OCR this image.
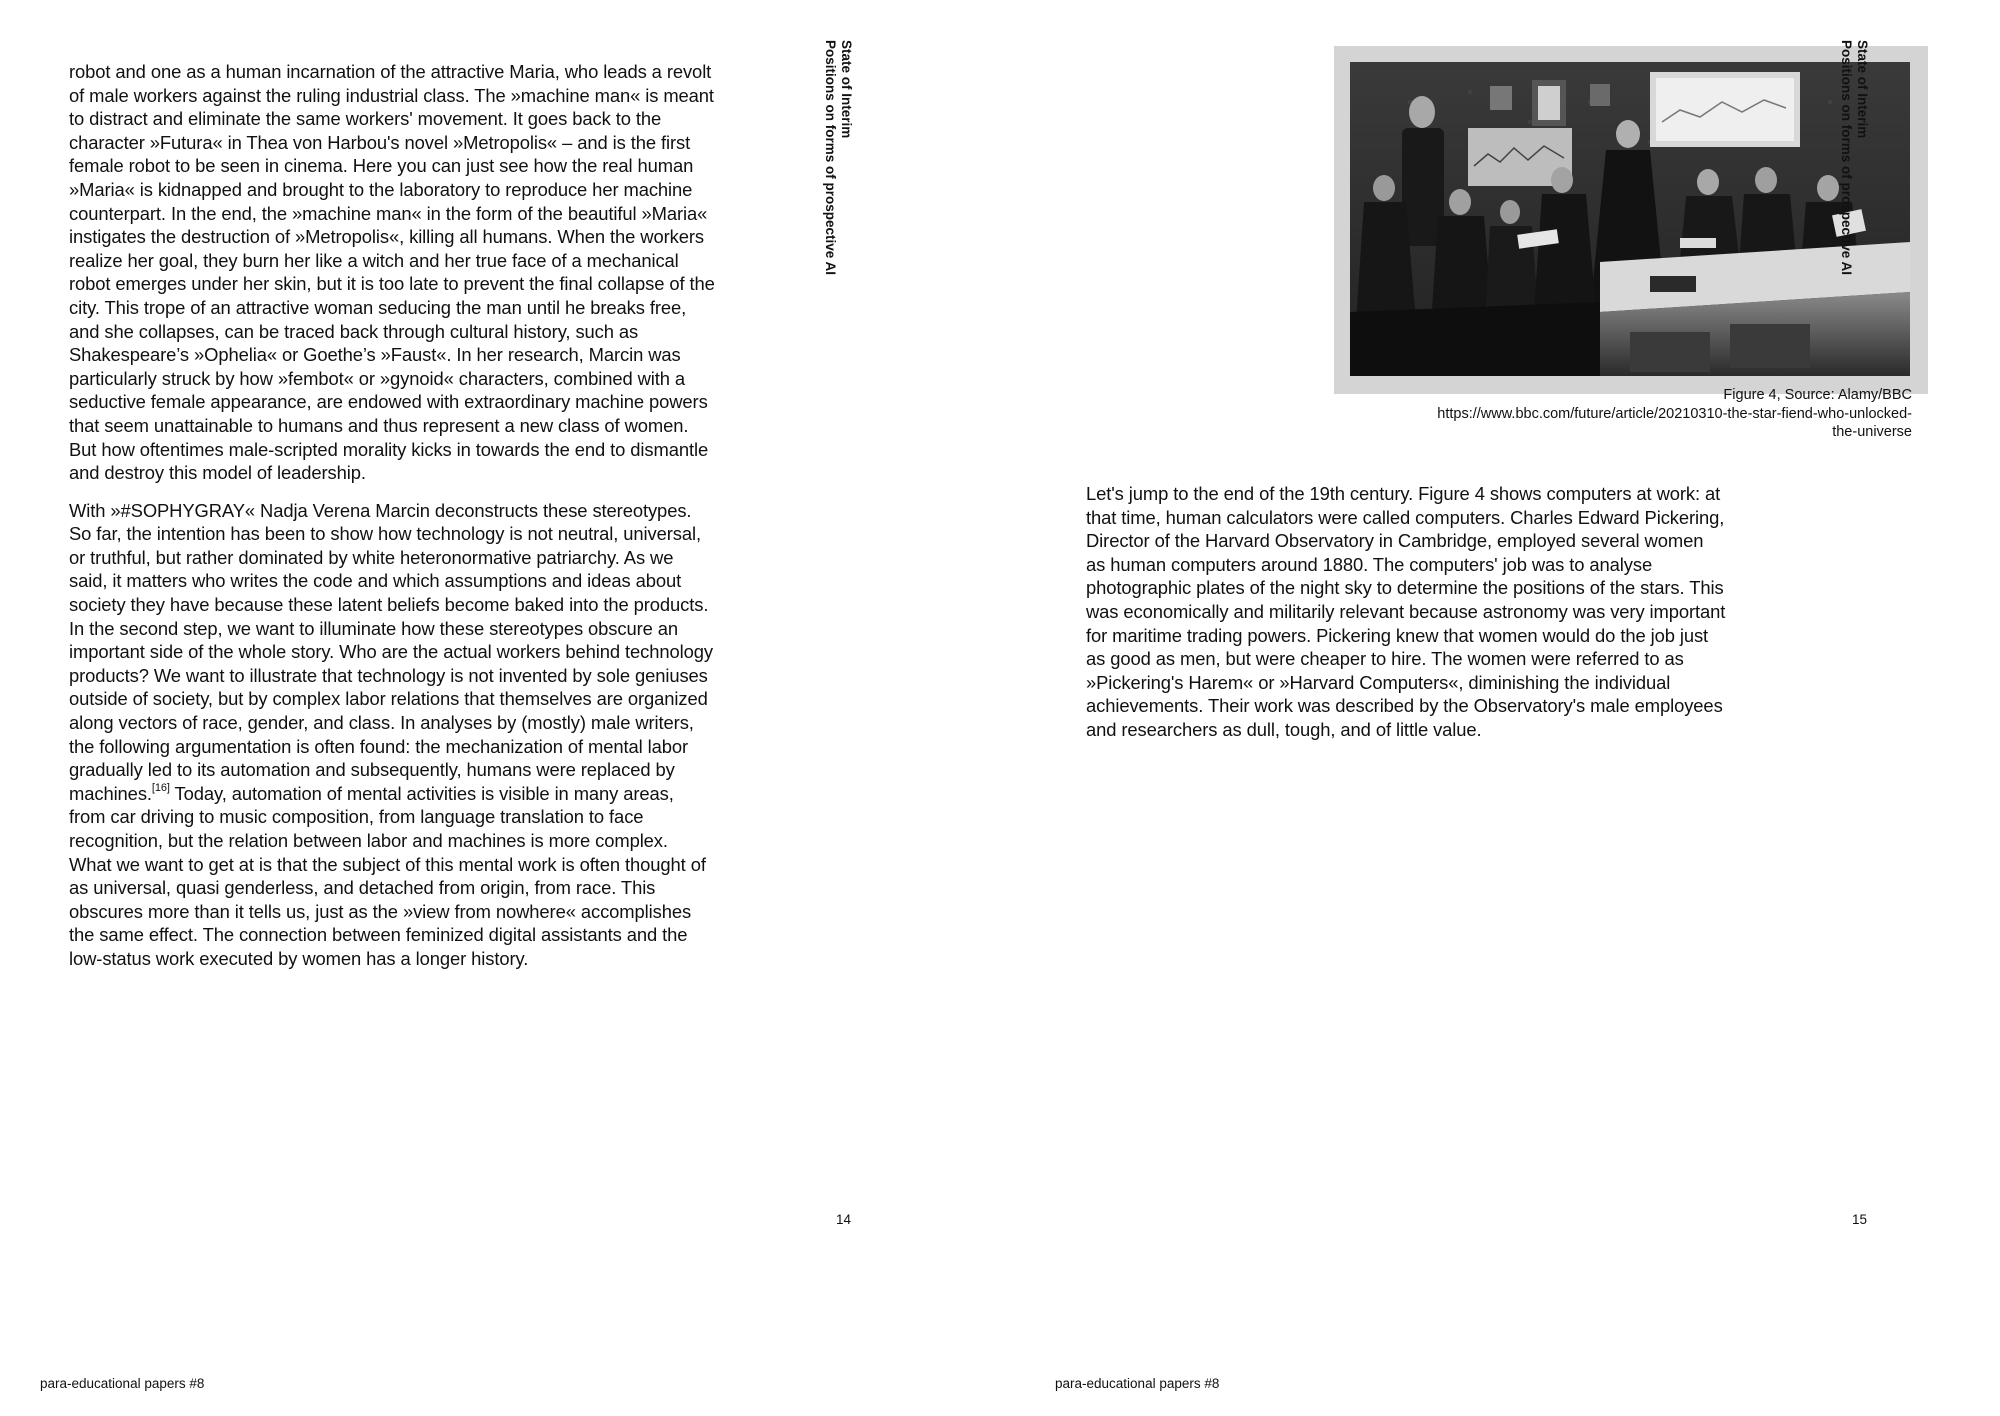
robot and one as a human incarnation of the attractive Maria, who leads a revolt of male workers against the ruling industrial class. The »machine man« is meant to distract and eliminate the same workers' movement. It goes back to the character »Futura« in Thea von Harbou's novel »Metropolis« – and is the first female robot to be seen in cinema. Here you can just see how the real human »Maria« is kidnapped and brought to the laboratory to reproduce her machine counterpart. In the end, the »machine man« in the form of the beautiful »Maria« instigates the destruction of »Metropolis«, killing all humans. When the workers realize her goal, they burn her like a witch and her true face of a mechanical robot emerges under her skin, but it is too late to prevent the final collapse of the city. This trope of an attractive woman seducing the man until he breaks free, and she collapses, can be traced back through cultural history, such as Shakespeare’s »Ophelia« or Goethe’s »Faust«. In her research, Marcin was particularly struck by how »fembot« or »gynoid« characters, combined with a seductive female appearance, are endowed with extraordinary machine powers that seem unattainable to humans and thus represent a new class of women. But how oftentimes male-scripted morality kicks in towards the end to dismantle and destroy this model of leadership.

With »#SOPHYGRAY« Nadja Verena Marcin deconstructs these stereotypes. So far, the intention has been to show how technology is not neutral, universal, or truthful, but rather dominated by white heteronormative patriarchy. As we said, it matters who writes the code and which assumptions and ideas about society they have because these latent beliefs become baked into the products. In the second step, we want to illuminate how these stereotypes obscure an important side of the whole story. Who are the actual workers behind technology products? We want to illustrate that technology is not invented by sole geniuses outside of society, but by complex labor relations that themselves are organized along vectors of race, gender, and class. In analyses by (mostly) male writers, the following argumentation is often found: the mechanization of mental labor gradually led to its automation and subsequently, humans were replaced by machines.[16] Today, automation of mental activities is visible in many areas, from car driving to music composition, from language translation to face recognition, but the relation between labor and machines is more complex. What we want to get at is that the subject of this mental work is often thought of as universal, quasi genderless, and detached from origin, from race. This obscures more than it tells us, just as the »view from nowhere« accomplishes the same effect. The connection between feminized digital assistants and the low-status work executed by women has a longer history.

State of Interim
Positions on forms of prospective AI
14
para-educational papers #8
Figure 4, Source: Alamy/BBC
https://www.bbc.com/future/article/20210310-the-star-fiend-who-unlocked-
the-universe

Let's jump to the end of the 19th century. Figure 4 shows computers at work: at that time, human calculators were called computers. Charles Edward Pickering, Director of the Harvard Observatory in Cambridge, employed several women as human computers around 1880. The computers' job was to analyse photographic plates of the night sky to determine the positions of the stars. This was economically and militarily relevant because astronomy was very important for maritime trading powers. Pickering knew that women would do the job just as good as men, but were cheaper to hire. The women were referred to as »Pickering's Harem« or »Harvard Computers«, diminishing the individual achievements. Their work was described by the Observatory's male employees and researchers as dull, tough, and of little value.

State of Interim
Positions on forms of prospective AI
15
para-educational papers #8
